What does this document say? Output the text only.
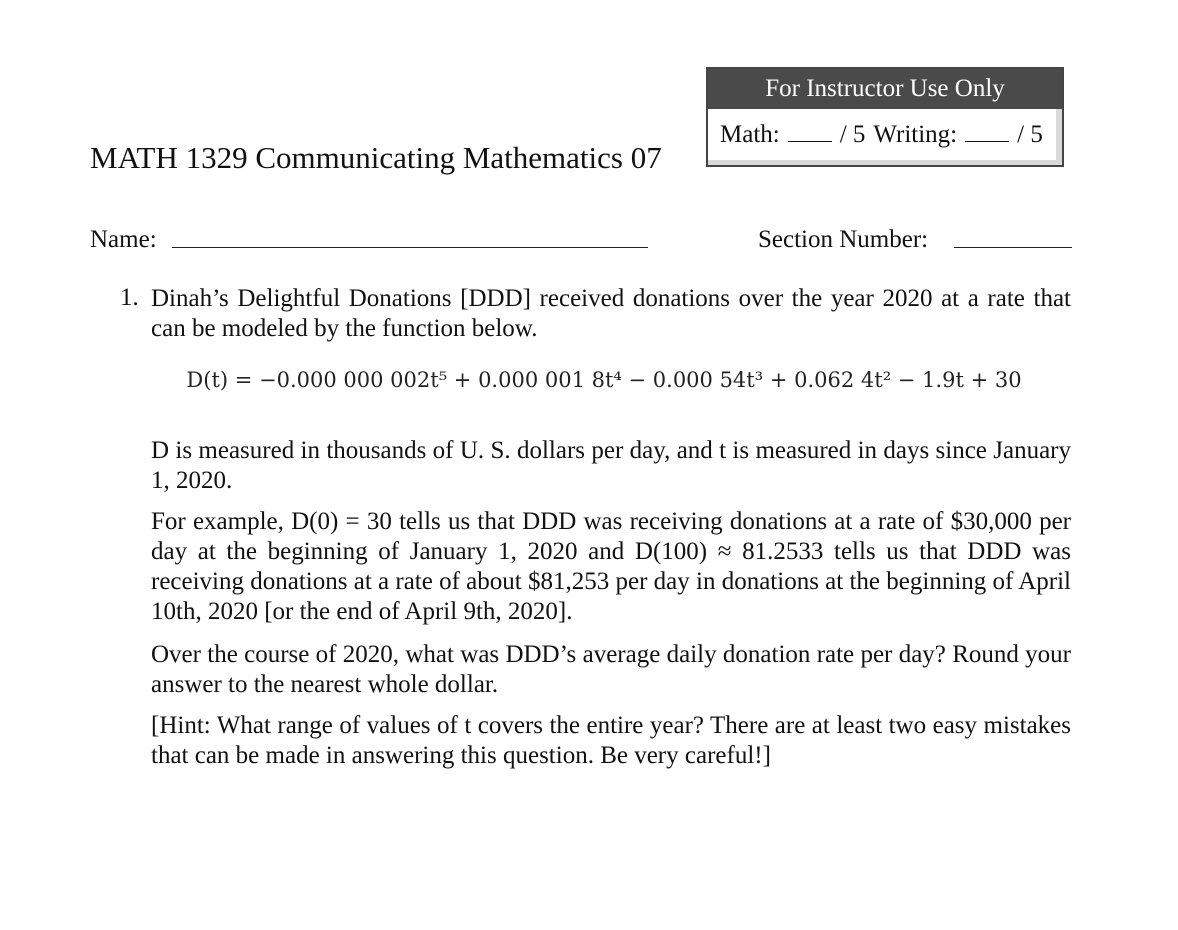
For Instructor Use Only
Math: / 5 Writing: / 5
MATH 1329 Communicating Mathematics 07
Name:	Section Number:
1. Dinah’s Delightful Donations [DDD] received donations over the year 2020 at a rate that can be modeled by the function below.
D(t) = −0.000 000 002t⁵ + 0.000 001 8t⁴ − 0.000 54t³ + 0.062 4t² − 1.9t + 30
D is measured in thousands of U. S. dollars per day, and t is measured in days since January 1, 2020.
For example, D(0) = 30 tells us that DDD was receiving donations at a rate of $30,000 per day at the beginning of January 1, 2020 and D(100) ≈ 81.2533 tells us that DDD was receiving donations at a rate of about $81,253 per day in donations at the beginning of April 10th, 2020 [or the end of April 9th, 2020].
Over the course of 2020, what was DDD’s average daily donation rate per day? Round your answer to the nearest whole dollar.
[Hint: What range of values of t covers the entire year? There are at least two easy mistakes that can be made in answering this question. Be very careful!]
